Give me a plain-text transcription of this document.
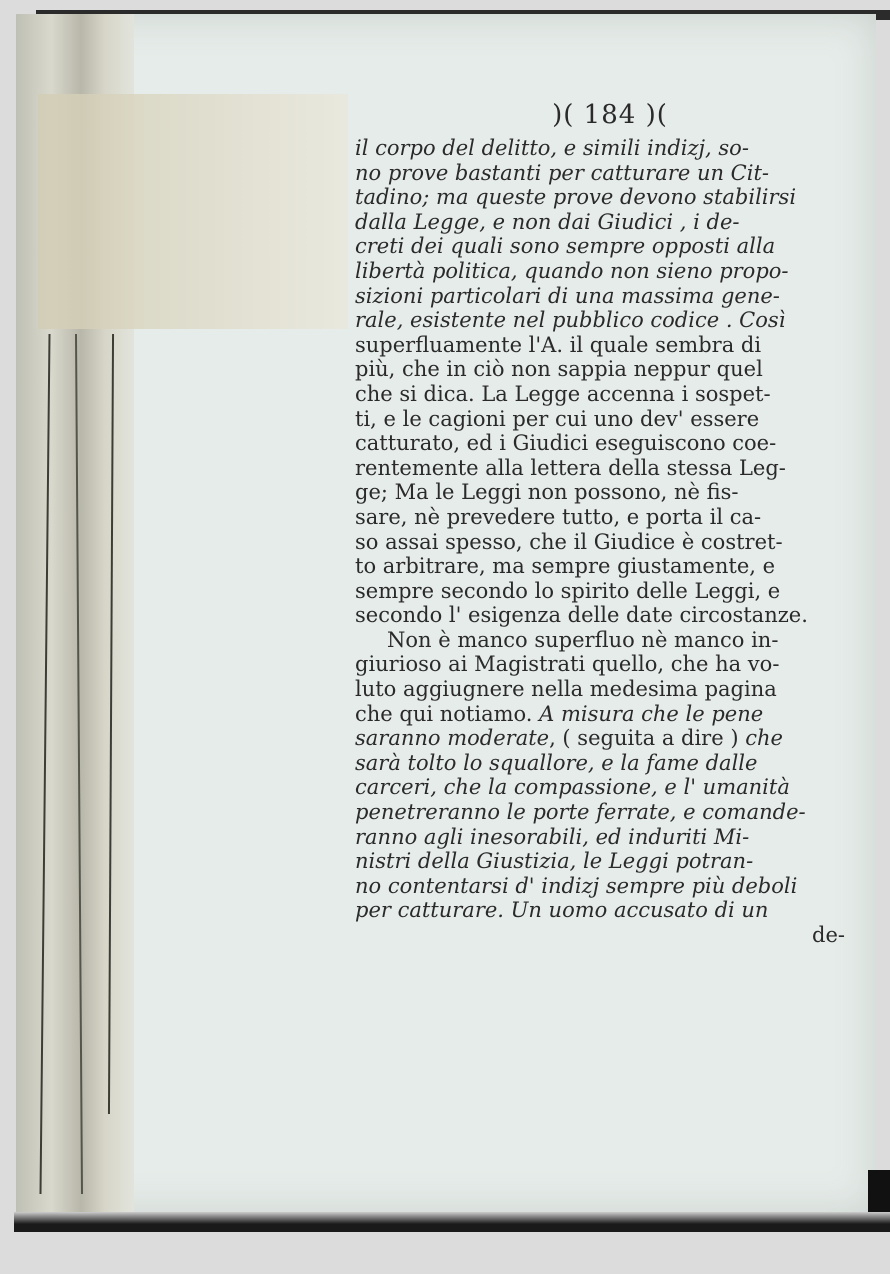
)( 184 )(
il corpo del delitto, e simili indizj, so-
no prove bastanti per catturare un Cit-
tadino; ma queste prove devono stabilirsi
dalla Legge, e non dai Giudici , i de-
creti dei quali sono sempre opposti alla
libertà politica, quando non sieno propo-
sizioni particolari di una massima gene-
rale, esistente nel pubblico codice . Così
superfluamente l'A. il quale sembra di
più, che in ciò non sappia neppur quel
che si dica. La Legge accenna i sospet-
ti, e le cagioni per cui uno dev' essere
catturato, ed i Giudici eseguiscono coe-
rentemente alla lettera della stessa Leg-
ge; Ma le Leggi non possono, nè fis-
sare, nè prevedere tutto, e porta il ca-
so assai spesso, che il Giudice è costret-
to arbitrare, ma sempre giustamente, e
sempre secondo lo spirito delle Leggi, e
secondo l' esigenza delle date circostanze.
Non è manco superfluo nè manco in-
giurioso ai Magistrati quello, che ha vo-
luto aggiugnere nella medesima pagina
che qui notiamo. A misura che le pene
saranno moderate, ( seguita a dire ) che
sarà tolto lo squallore, e la fame dalle
carceri, che la compassione, e l' umanità
penetreranno le porte ferrate, e comande-
ranno agli inesorabili, ed induriti Mi-
nistri della Giustizia, le Leggi potran-
no contentarsi d' indizj sempre più deboli
per catturare. Un uomo accusato di un
de-
